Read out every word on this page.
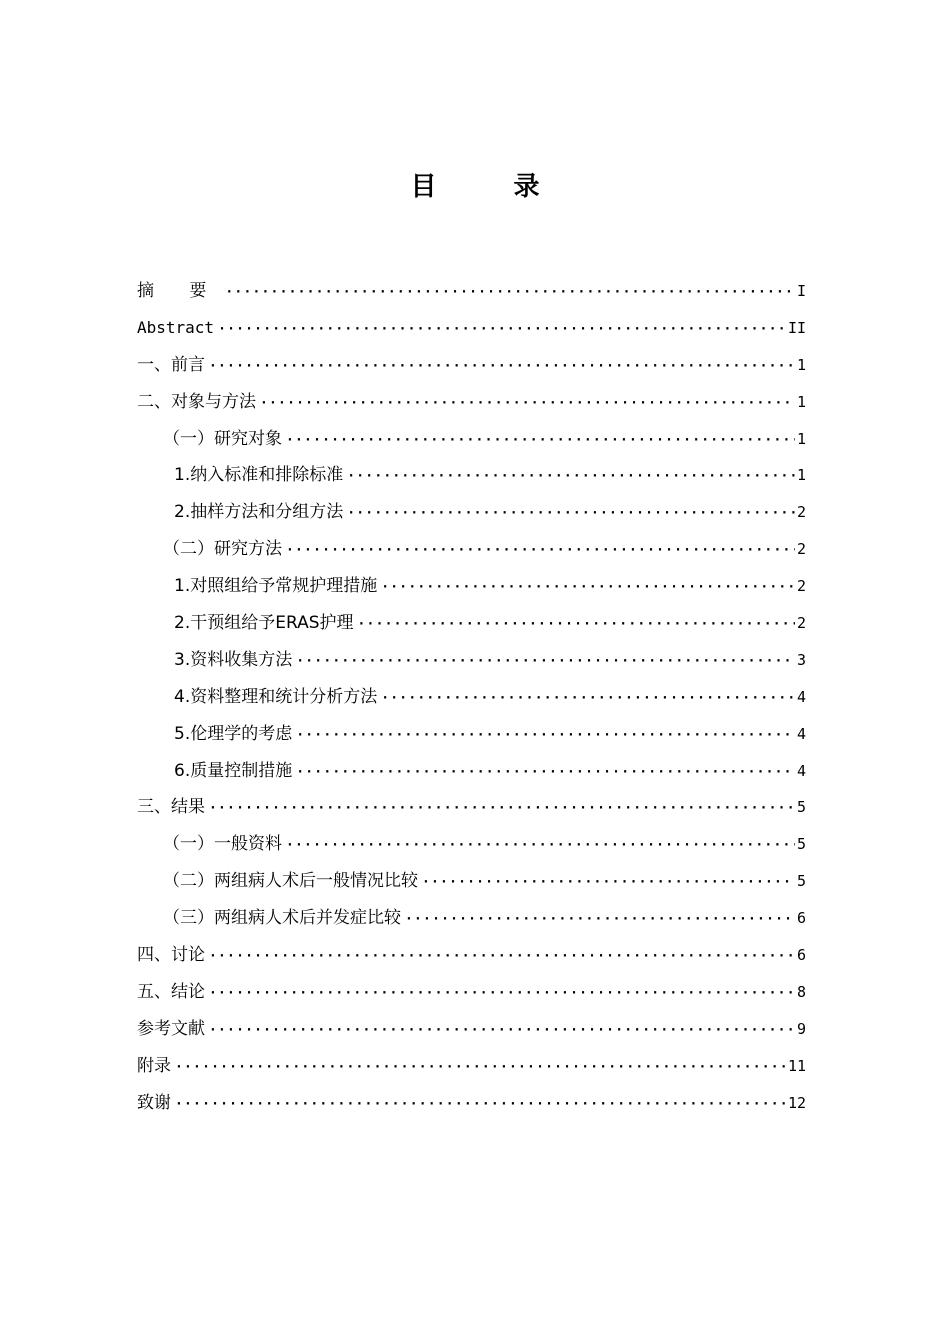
目 录
摘 要 ·····	I
Abstract ·····	II
一、前言 ·····	1
二、对象与方法 ·····	1
（一）研究对象 ·····	1
1.纳入标准和排除标准 ·····	1
2.抽样方法和分组方法 ·····	2
（二）研究方法 ·····	2
1.对照组给予常规护理措施 ·····	2
2.干预组给予ERAS护理 ·····	2
3.资料收集方法 ·····	3
4.资料整理和统计分析方法 ·····	4
5.伦理学的考虑 ·····	4
6.质量控制措施 ·····	4
三、结果 ·····	5
（一）一般资料 ·····	5
（二）两组病人术后一般情况比较 ·····	5
（三）两组病人术后并发症比较 ·····	6
四、讨论 ·····	6
五、结论 ·····	8
参考文献 ·····	9
附录 ·····	11
致谢 ·····	12
